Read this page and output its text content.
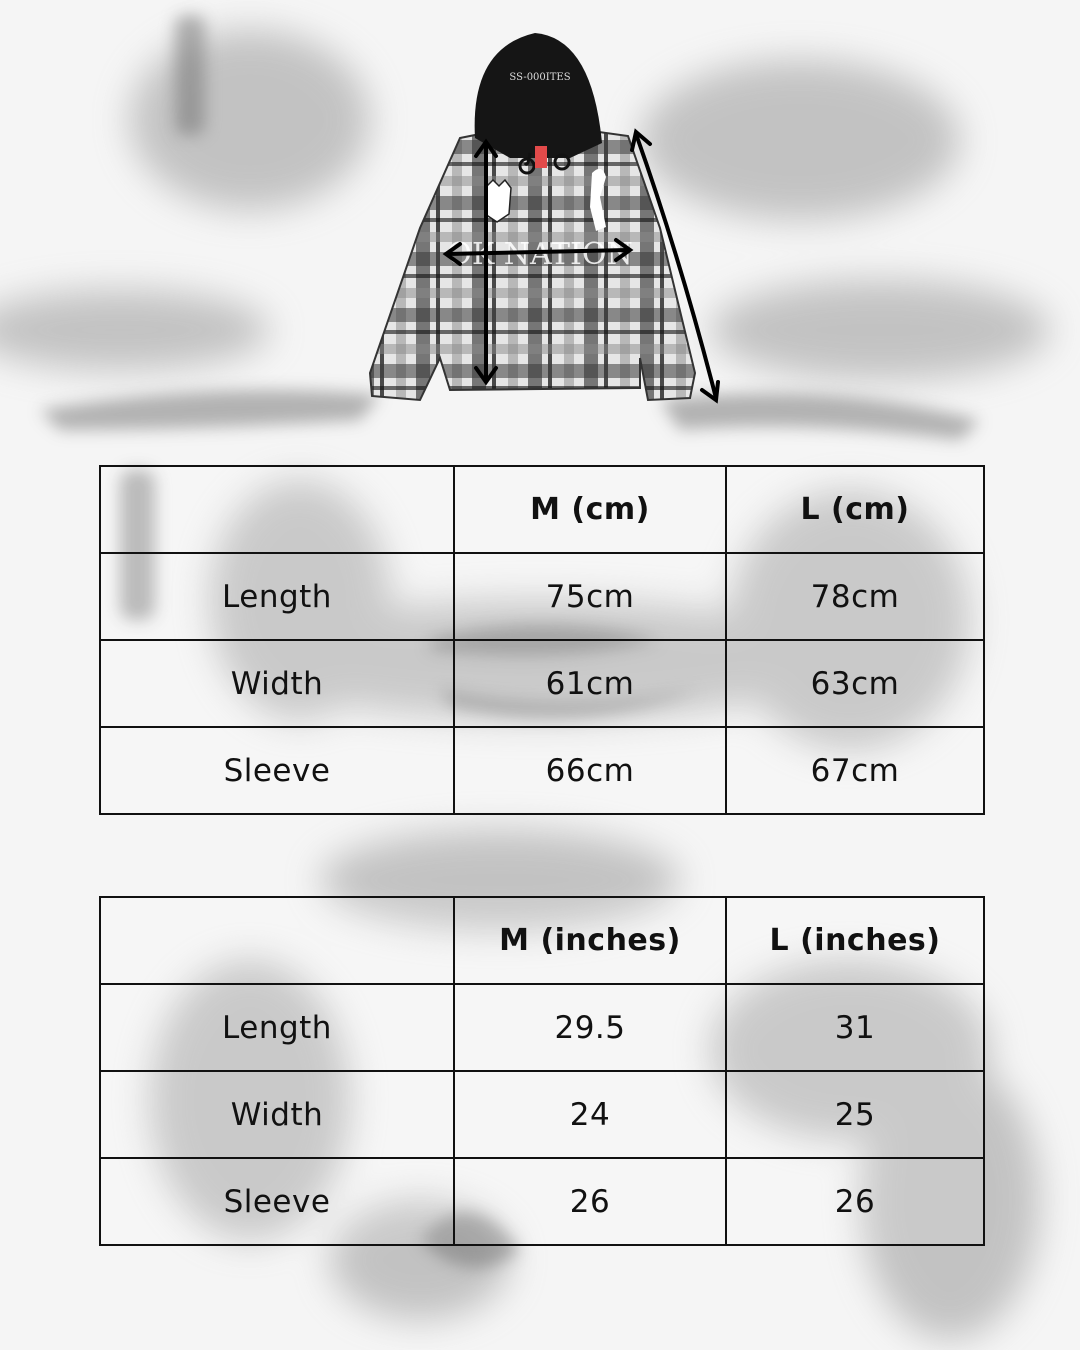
SS-000ITES
OK NATION
	M (cm)	L (cm)
Length	75cm	78cm
Width	61cm	63cm
Sleeve	66cm	67cm
	M (inches)	L (inches)
Length	29.5	31
Width	24	25
Sleeve	26	26
